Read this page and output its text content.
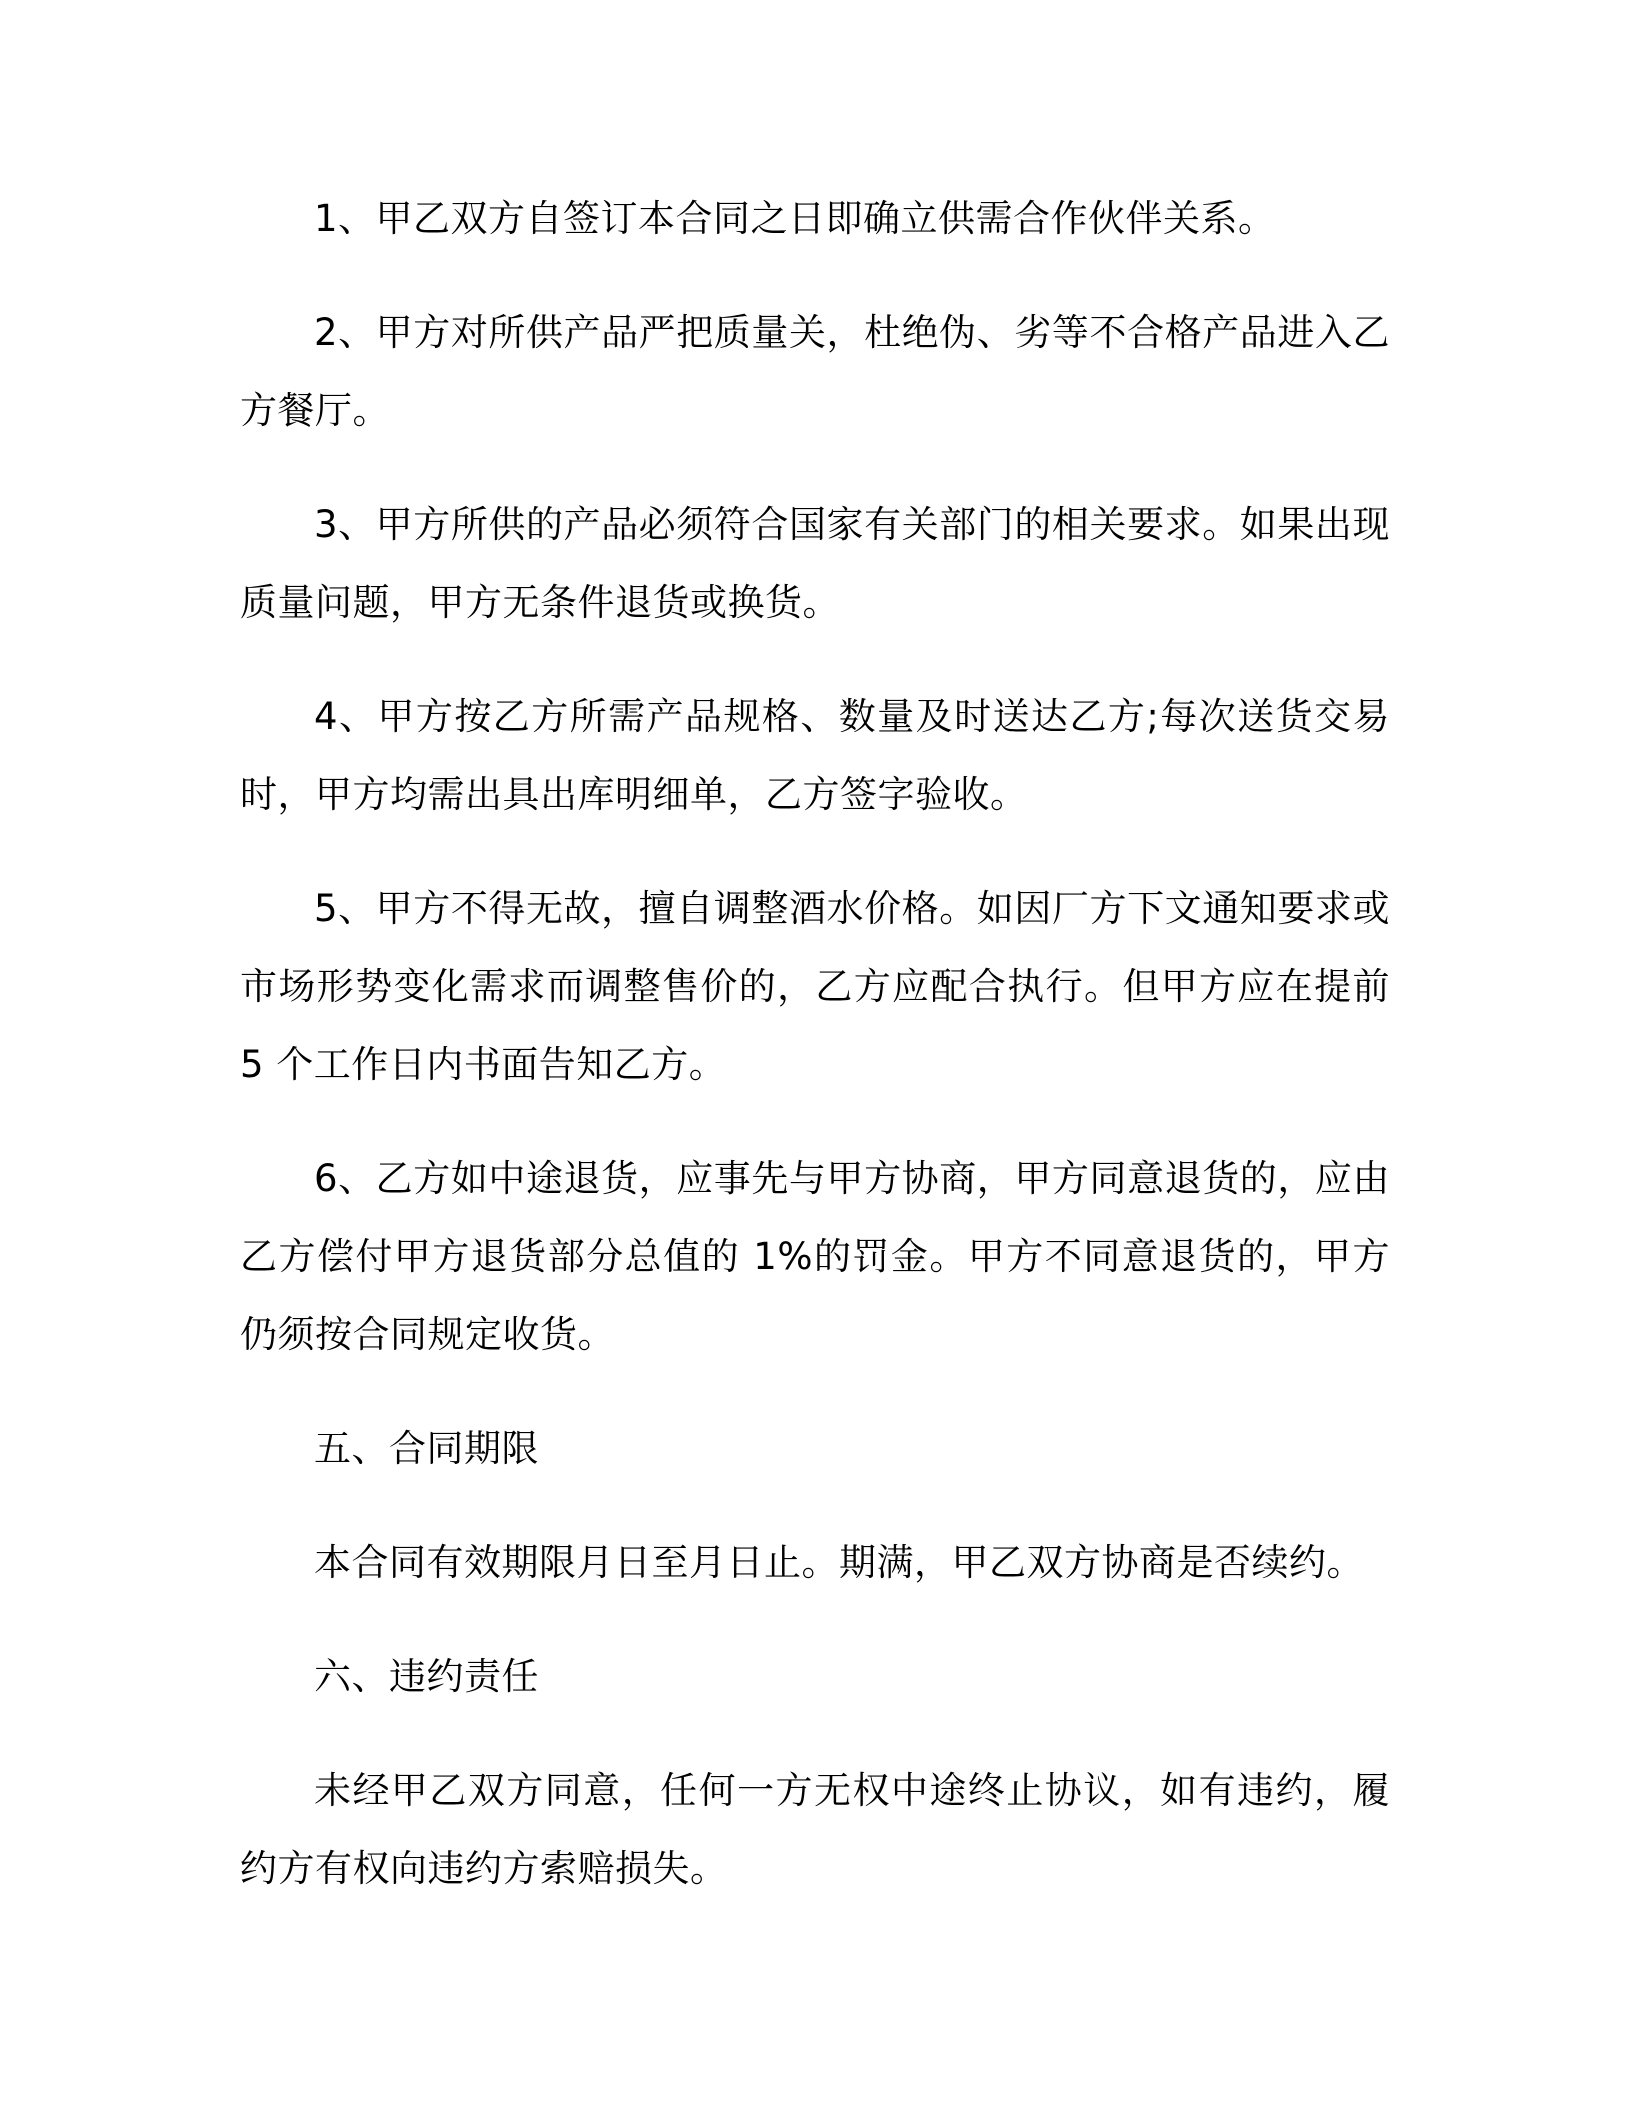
1、甲乙双方自签订本合同之日即确立供需合作伙伴关系。

2、甲方对所供产品严把质量关，杜绝伪、劣等不合格产品进入乙方餐厅。

3、甲方所供的产品必须符合国家有关部门的相关要求。如果出现质量问题，甲方无条件退货或换货。

4、甲方按乙方所需产品规格、数量及时送达乙方;每次送货交易时，甲方均需出具出库明细单，乙方签字验收。

5、甲方不得无故，擅自调整酒水价格。如因厂方下文通知要求或市场形势变化需求而调整售价的，乙方应配合执行。但甲方应在提前 5 个工作日内书面告知乙方。

6、乙方如中途退货，应事先与甲方协商，甲方同意退货的，应由乙方偿付甲方退货部分总值的 1%的罚金。甲方不同意退货的，甲方仍须按合同规定收货。

五、合同期限

本合同有效期限月日至月日止。期满，甲乙双方协商是否续约。

六、违约责任

未经甲乙双方同意，任何一方无权中途终止协议，如有违约，履约方有权向违约方索赔损失。
